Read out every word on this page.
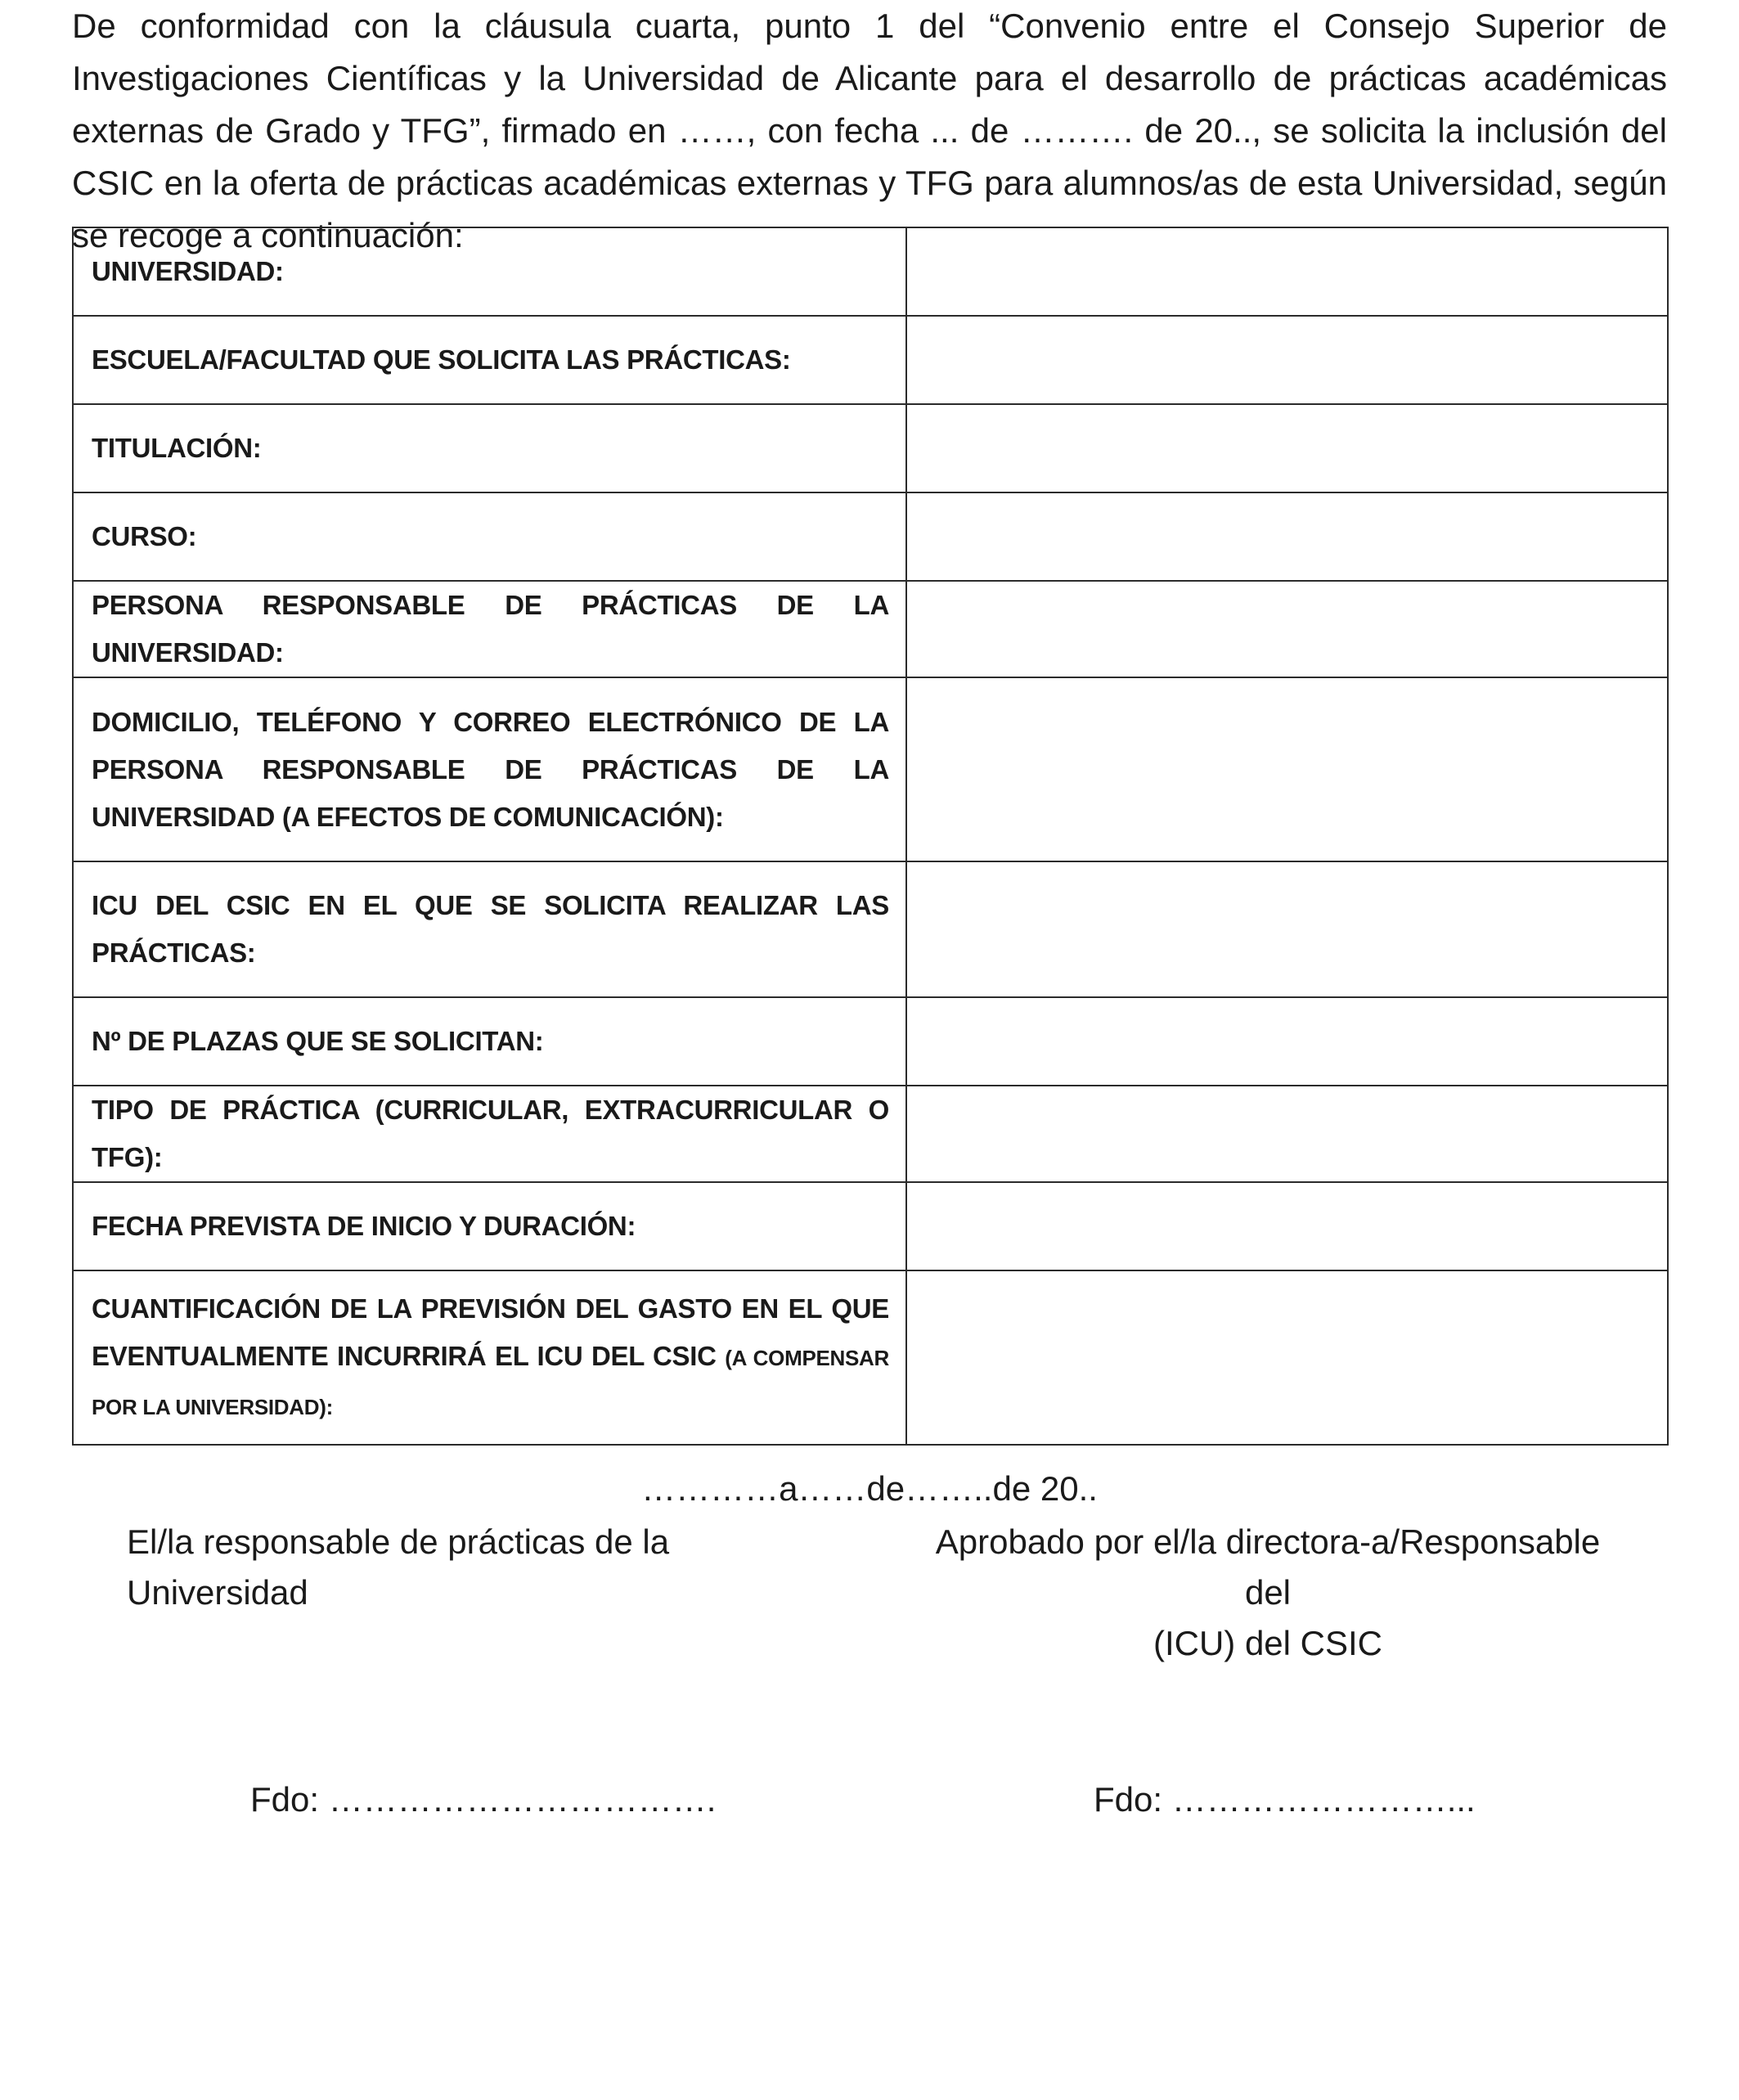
De conformidad con la cláusula cuarta, punto 1 del “Convenio entre el Consejo Superior de Investigaciones Científicas y la Universidad de Alicante para el desarrollo de prácticas académicas externas de Grado y TFG”, firmado en ……, con fecha ... de ………. de 20.., se solicita la inclusión del CSIC en la oferta de prácticas académicas externas y TFG para alumnos/as de esta Universidad, según se recoge a continuación:

UNIVERSIDAD:	
ESCUELA/FACULTAD QUE SOLICITA LAS PRÁCTICAS:	
TITULACIÓN:	
CURSO:	
PERSONA RESPONSABLE DE PRÁCTICAS DE LA UNIVERSIDAD:	
DOMICILIO, TELÉFONO Y CORREO ELECTRÓNICO DE LA PERSONA RESPONSABLE DE PRÁCTICAS DE LA UNIVERSIDAD (A EFECTOS DE COMUNICACIÓN):	
ICU DEL CSIC EN EL QUE SE SOLICITA REALIZAR LAS PRÁCTICAS:	
Nº DE PLAZAS QUE SE SOLICITAN:	
TIPO DE PRÁCTICA (CURRICULAR, EXTRACURRICULAR O TFG):	
FECHA PREVISTA DE INICIO Y DURACIÓN:	
CUANTIFICACIÓN DE LA PREVISIÓN DEL GASTO EN EL QUE EVENTUALMENTE INCURRIRÁ EL ICU DEL CSIC (A COMPENSAR POR LA UNIVERSIDAD):	
…………a……de……..de 20..
El/la responsable de prácticas de la Universidad
Aprobado por el/la directora-a/Responsable del
(ICU) del CSIC
Fdo: …………………………….	Fdo: ……………………...
